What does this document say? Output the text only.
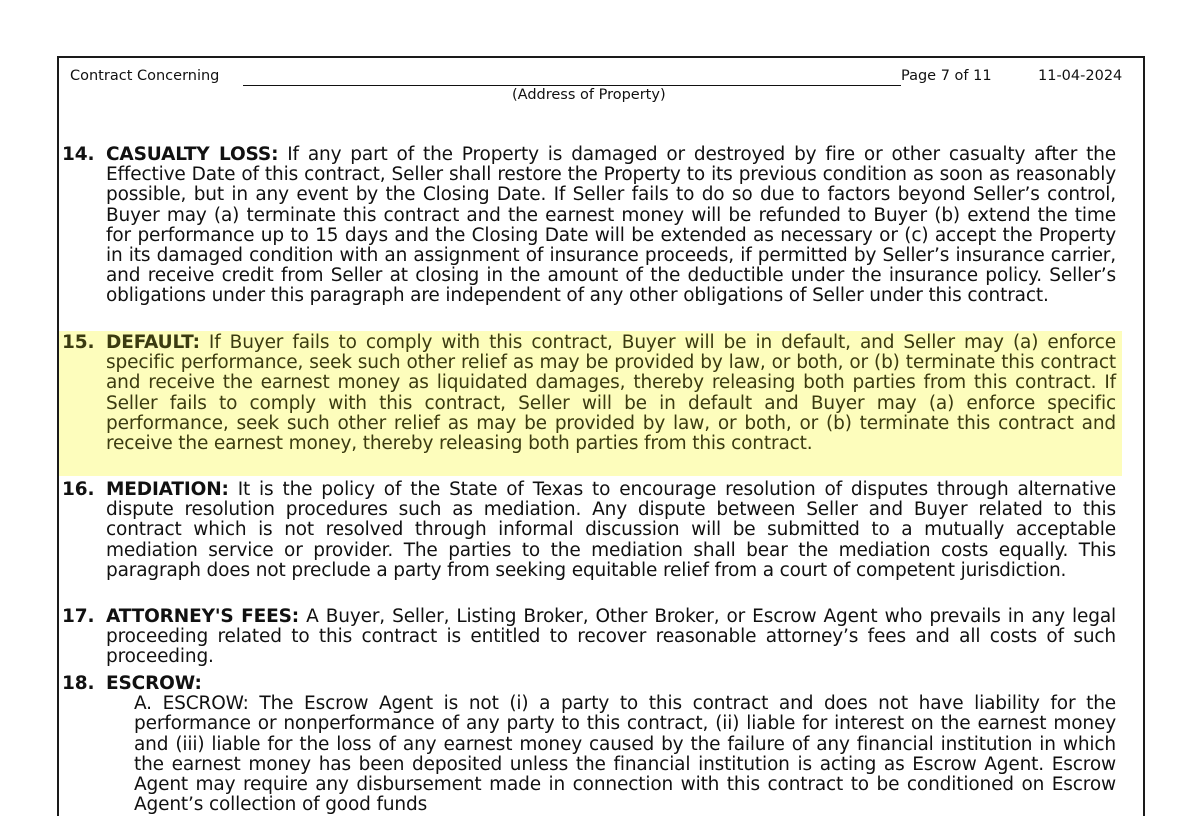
Contract Concerning	Page 7 of 11	11-04-2024
(Address of Property)
14. CASUALTY LOSS: If any part of the Property is damaged or destroyed by fire or other casualty after the Effective Date of this contract, Seller shall restore the Property to its previous condition as soon as reasonably possible, but in any event by the Closing Date. If Seller fails to do so due to factors beyond Seller’s control, Buyer may (a) terminate this contract and the earnest money will be refunded to Buyer (b) extend the time for performance up to 15 days and the Closing Date will be extended as necessary or (c) accept the Property in its damaged condition with an assignment of insurance proceeds, if permitted by Seller’s insurance carrier, and receive credit from Seller at closing in the amount of the deductible under the insurance policy. Seller’s obligations under this paragraph are independent of any other obligations of Seller under this contract.
15. DEFAULT: If Buyer fails to comply with this contract, Buyer will be in default, and Seller may (a) enforce specific performance, seek such other relief as may be provided by law, or both, or (b) terminate this contract and receive the earnest money as liquidated damages, thereby releasing both parties from this contract. If Seller fails to comply with this contract, Seller will be in default and Buyer may (a) enforce specific performance, seek such other relief as may be provided by law, or both, or (b) terminate this contract and receive the earnest money, thereby releasing both parties from this contract.
16. MEDIATION: It is the policy of the State of Texas to encourage resolution of disputes through alternative dispute resolution procedures such as mediation. Any dispute between Seller and Buyer related to this contract which is not resolved through informal discussion will be submitted to a mutually acceptable mediation service or provider. The parties to the mediation shall bear the mediation costs equally. This paragraph does not preclude a party from seeking equitable relief from a court of competent jurisdiction.
17. ATTORNEY'S FEES: A Buyer, Seller, Listing Broker, Other Broker, or Escrow Agent who prevails in any legal proceeding related to this contract is entitled to recover reasonable attorney’s fees and all costs of such proceeding.
18. ESCROW:
A. ESCROW: The Escrow Agent is not (i) a party to this contract and does not have liability for the performance or nonperformance of any party to this contract, (ii) liable for interest on the earnest money and (iii) liable for the loss of any earnest money caused by the failure of any financial institution in which the earnest money has been deposited unless the financial institution is acting as Escrow Agent. Escrow Agent may require any disbursement made in connection with this contract to be conditioned on Escrow Agent’s collection of good funds
